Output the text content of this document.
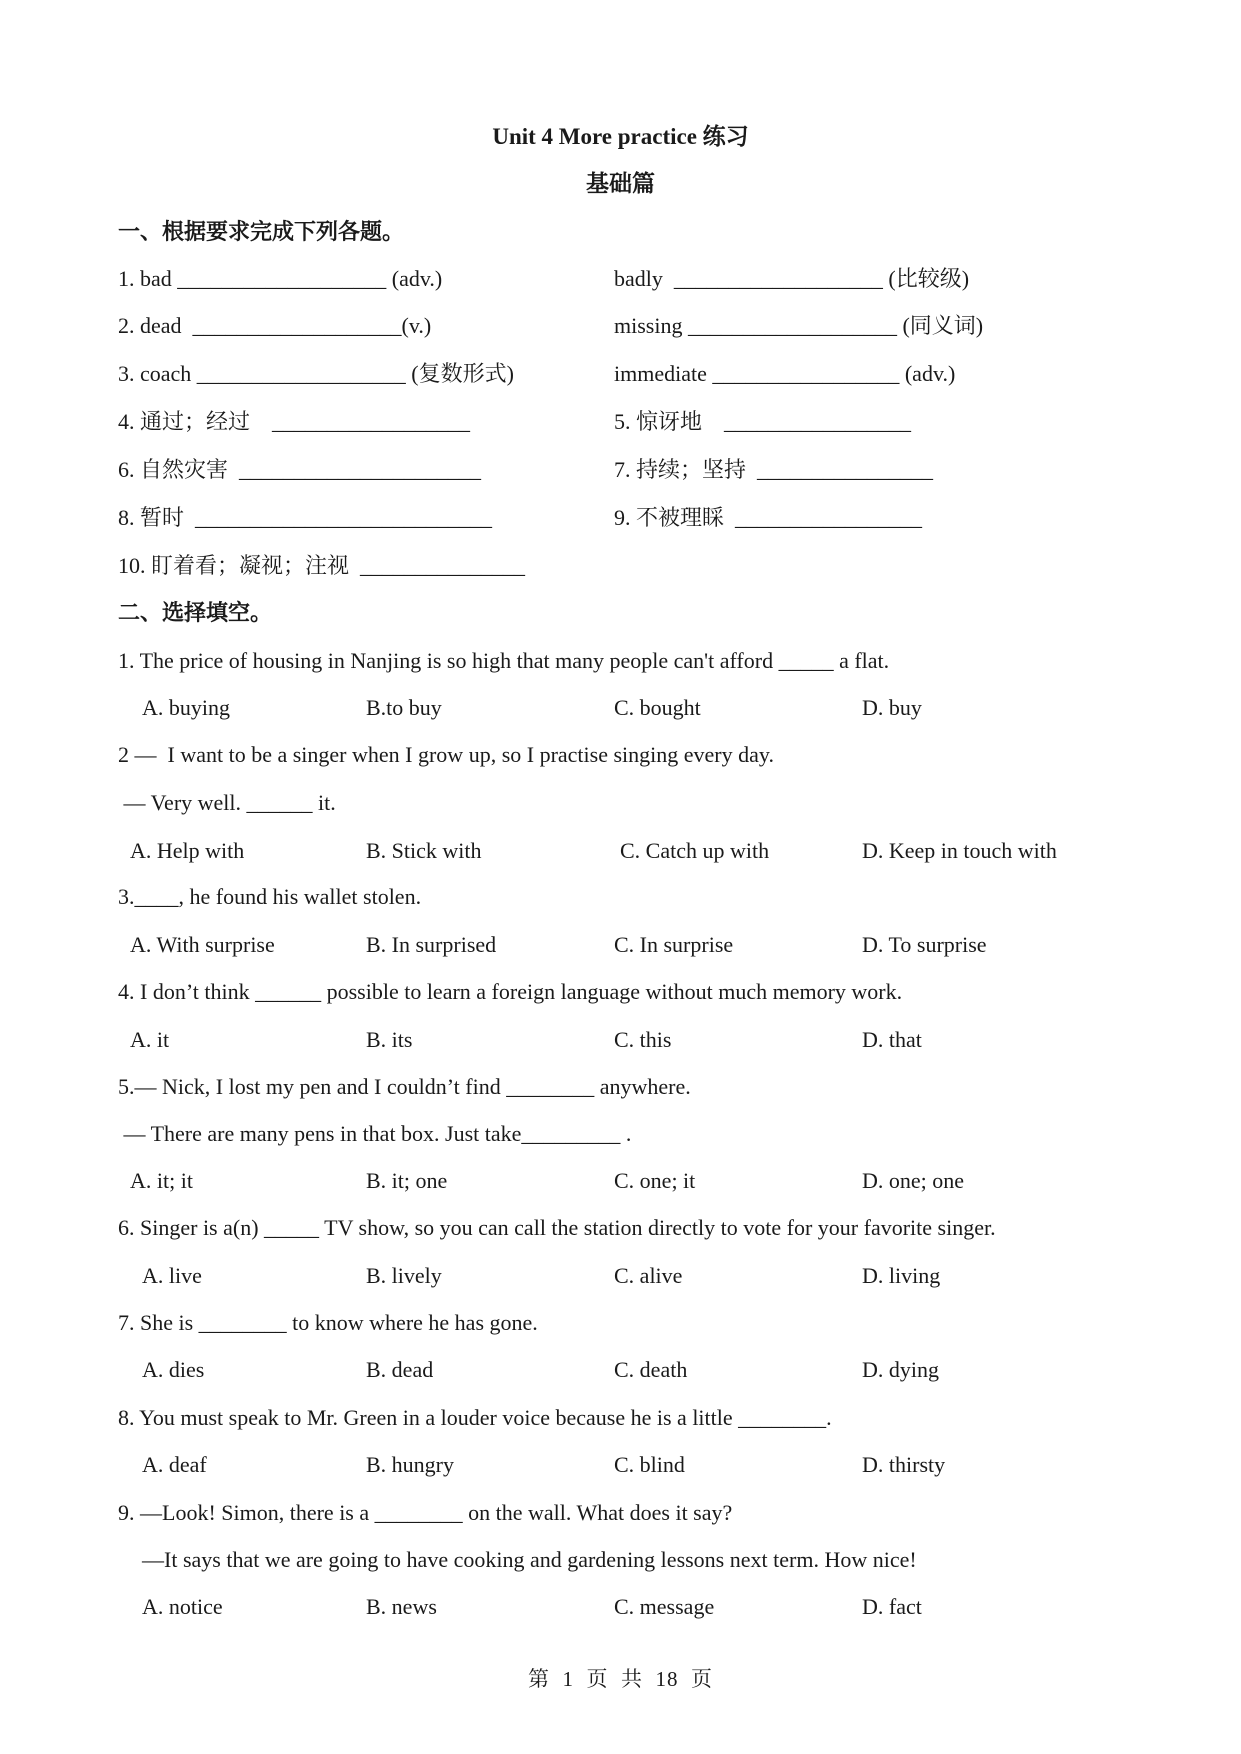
Unit 4 More practice 练习
基础篇
一、根据要求完成下列各题。
1. bad ___________________ (adv.)	badly  ___________________ (比较级)
2. dead  ___________________(v.)	missing ___________________ (同义词)
3. coach ___________________ (复数形式)	immediate _________________ (adv.)
4. 通过；经过    __________________	5. 惊讶地    _________________
6. 自然灾害  ______________________	7. 持续；坚持  ________________
8. 暂时  ___________________________	9. 不被理睬  _________________
10. 盯着看；凝视；注视  _______________
二、选择填空。
1. The price of housing in Nanjing is so high that many people can't afford _____ a flat.
A. buying	B.to buy	C. bought	D. buy
2 —  I want to be a singer when I grow up, so I practise singing every day.
— Very well. ______ it.
A. Help with	B. Stick with	C. Catch up with	D. Keep in touch with
3.____, he found his wallet stolen.
A. With surprise	B. In surprised	C. In surprise	D. To surprise
4. I don’t think ______ possible to learn a foreign language without much memory work.
A. it	B. its	C. this	D. that
5.— Nick, I lost my pen and I couldn’t find ________ anywhere.
— There are many pens in that box. Just take_________ .
A. it; it	B. it; one	C. one; it	D. one; one
6. Singer is a(n) _____ TV show, so you can call the station directly to vote for your favorite singer.
A. live	B. lively	C. alive	D. living
7. She is ________ to know where he has gone.
A. dies	B. dead	C. death	D. dying
8. You must speak to Mr. Green in a louder voice because he is a little ________.
A. deaf	B. hungry	C. blind	D. thirsty
9. —Look! Simon, there is a ________ on the wall. What does it say?
—It says that we are going to have cooking and gardening lessons next term. How nice!
A. notice	B. news	C. message	D. fact
第  1  页  共  18  页
